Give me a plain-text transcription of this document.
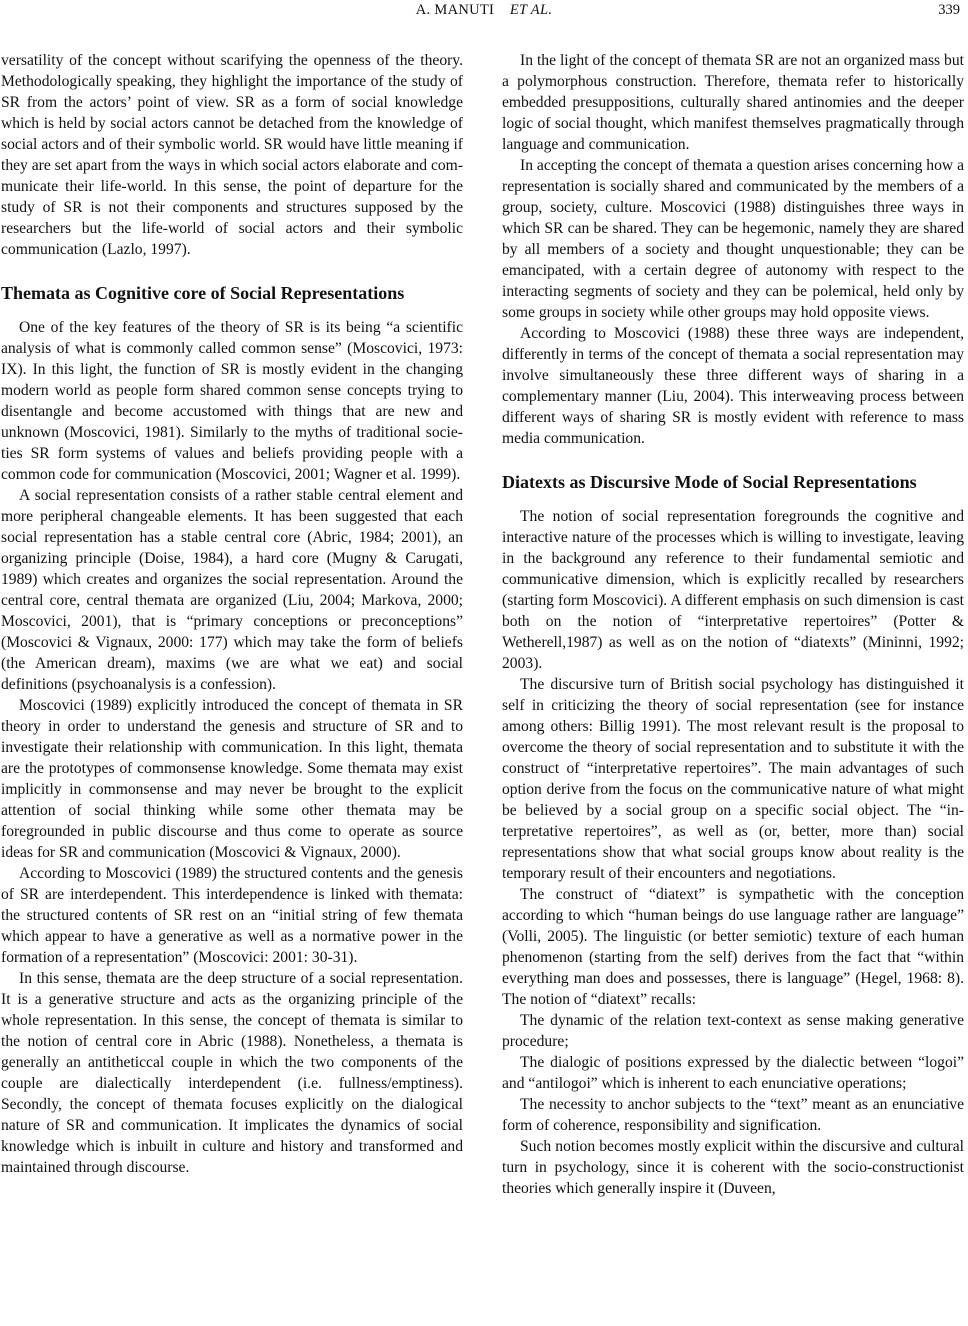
A. MANUTI ET AL.	339

versatility of the concept without scarifying the openness of the theory. Methodologically speaking, they highlight the importance of the study of SR from the actors’ point of view. SR as a form of social knowledge which is held by social actors cannot be detached from the knowledge of social actors and of their symbolic world. SR would have little meaning if they are set apart from the ways in which social actors elaborate and communicate their life-world. In this sense, the point of departure for the study of SR is not their components and structures supposed by the researchers but the life-world of social actors and their symbolic communication (Lazlo, 1997).

Themata as Cognitive core of Social Representations

One of the key features of the theory of SR is its being “a scientific analysis of what is commonly called common sense” (Moscovici, 1973: IX). In this light, the function of SR is mostly evident in the changing modern world as people form shared common sense concepts trying to disentangle and become accustomed with things that are new and unknown (Moscovici, 1981). Similarly to the myths of traditional societies SR form systems of values and beliefs providing people with a common code for communication (Moscovici, 2001; Wagner et al. 1999).

A social representation consists of a rather stable central element and more peripheral changeable elements. It has been suggested that each social representation has a stable central core (Abric, 1984; 2001), an organizing principle (Doise, 1984), a hard core (Mugny & Carugati, 1989) which creates and organizes the social representation. Around the central core, central themata are organized (Liu, 2004; Markova, 2000; Moscovici, 2001), that is “primary conceptions or preconceptions” (Moscovici & Vignaux, 2000: 177) which may take the form of beliefs (the American dream), maxims (we are what we eat) and social definitions (psychoanalysis is a confession).

Moscovici (1989) explicitly introduced the concept of themata in SR theory in order to understand the genesis and structure of SR and to investigate their relationship with communication. In this light, themata are the prototypes of commonsense knowledge. Some themata may exist implicitly in commonsense and may never be brought to the explicit attention of social thinking while some other themata may be foregrounded in public discourse and thus come to operate as source ideas for SR and communication (Moscovici & Vignaux, 2000).

According to Moscovici (1989) the structured contents and the genesis of SR are interdependent. This interdependence is linked with themata: the structured contents of SR rest on an “initial string of few themata which appear to have a generative as well as a normative power in the formation of a representation” (Moscovici: 2001: 30-31).

In this sense, themata are the deep structure of a social representation. It is a generative structure and acts as the organizing principle of the whole representation. In this sense, the concept of themata is similar to the notion of central core in Abric (1988). Nonetheless, a themata is generally an antitheticcal couple in which the two components of the couple are dialectically interdependent (i.e. fullness/emptiness). Secondly, the concept of themata focuses explicitly on the dialogical nature of SR and communication. It implicates the dynamics of social knowledge which is inbuilt in culture and history and transformed and maintained through discourse.

In the light of the concept of themata SR are not an organized mass but a polymorphous construction. Therefore, themata refer to historically embedded presuppositions, culturally shared antinomies and the deeper logic of social thought, which manifest themselves pragmatically through language and communication.

In accepting the concept of themata a question arises concerning how a representation is socially shared and communicated by the members of a group, society, culture. Moscovici (1988) distinguishes three ways in which SR can be shared. They can be hegemonic, namely they are shared by all members of a society and thought unquestionable; they can be emancipated, with a certain degree of autonomy with respect to the interacting segments of society and they can be polemical, held only by some groups in society while other groups may hold opposite views.

According to Moscovici (1988) these three ways are independent, differently in terms of the concept of themata a social representation may involve simultaneously these three different ways of sharing in a complementary manner (Liu, 2004). This interweaving process between different ways of sharing SR is mostly evident with reference to mass media communication.

Diatexts as Discursive Mode of Social Representations

The notion of social representation foregrounds the cognitive and interactive nature of the processes which is willing to investigate, leaving in the background any reference to their fundamental semiotic and communicative dimension, which is explicitly recalled by researchers (starting form Moscovici). A different emphasis on such dimension is cast both on the notion of “interpretative repertoires” (Potter & Wetherell,1987) as well as on the notion of “diatexts” (Mininni, 1992; 2003).

The discursive turn of British social psychology has distinguished it self in criticizing the theory of social representation (see for instance among others: Billig 1991). The most relevant result is the proposal to overcome the theory of social representation and to substitute it with the construct of “interpretative repertoires”. The main advantages of such option derive from the focus on the communicative nature of what might be believed by a social group on a specific social object. The “interpretative repertoires”, as well as (or, better, more than) social representations show that what social groups know about reality is the temporary result of their encounters and negotiations.

The construct of “diatext” is sympathetic with the conception according to which “human beings do use language rather are language” (Volli, 2005). The linguistic (or better semiotic) texture of each human phenomenon (starting from the self) derives from the fact that “within everything man does and possesses, there is language” (Hegel, 1968: 8). The notion of “diatext” recalls:

The dynamic of the relation text-context as sense making generative procedure;

The dialogic of positions expressed by the dialectic between “logoi” and “antilogoi” which is inherent to each enunciative operations;

The necessity to anchor subjects to the “text” meant as an enunciative form of coherence, responsibility and signification.

Such notion becomes mostly explicit within the discursive and cultural turn in psychology, since it is coherent with the socio-constructionist theories which generally inspire it (Duveen,
